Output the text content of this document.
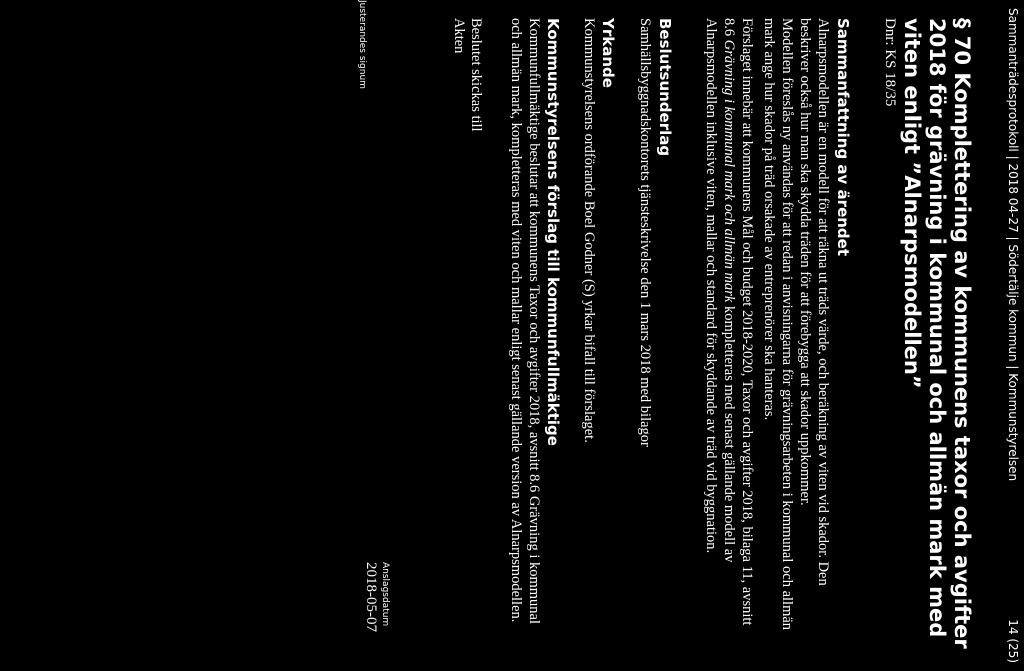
Sammanträdesprotokoll | 2018 04-27 | Södertälje kommun | Kommunstyrelsen
14 (25)
§ 70 Komplettering av kommunens taxor och avgifter 2018 för grävning i kommunal och allmän mark med viten enligt ”Alnarpsmodellen”
Dnr: KS 18/35
Sammanfattning av ärendet
Alnarpsmodellen är en modell för att räkna ut träds värde, och beräkning av viten vid skador. Den beskriver också hur man ska skydda träden för att förebygga att skador uppkommer.
Modellen föreslås ny användas för att redan i anvisningarna för grävningsarbeten i kommunal och allmän mark ange hur skador på träd orsakade av entreprenörer ska hanteras.
Förslaget innebär att kommunens Mål och budget 2018-2020, Taxor och avgifter 2018, bilaga 11, avsnitt 8.6 Grävning i kommunal mark och allmän mark kompletteras med senast gällande modell av Alnarpsmodellen inklusive viten, mallar och standard för skyddande av träd vid byggnation.
Beslutsunderlag
Samhällsbyggnadskontorets tjänsteskrivelse den 1 mars 2018 med bilagor
Yrkande
Kommunstyrelsens ordförande Boel Godner (S) yrkar bifall till förslaget.
Kommunstyrelsens förslag till kommunfullmäktige
Kommunfullmäktige beslutar att kommunens Taxor och avgifter 2018, avsnitt 8.6 Grävning i kommunal och allmän mark, kompletteras med viten och mallar enligt senast gällande version av Alnarpsmodellen.
Beslutet skickas till
Akten
Justerandes signum
Anslagsdatum
2018-05-07
